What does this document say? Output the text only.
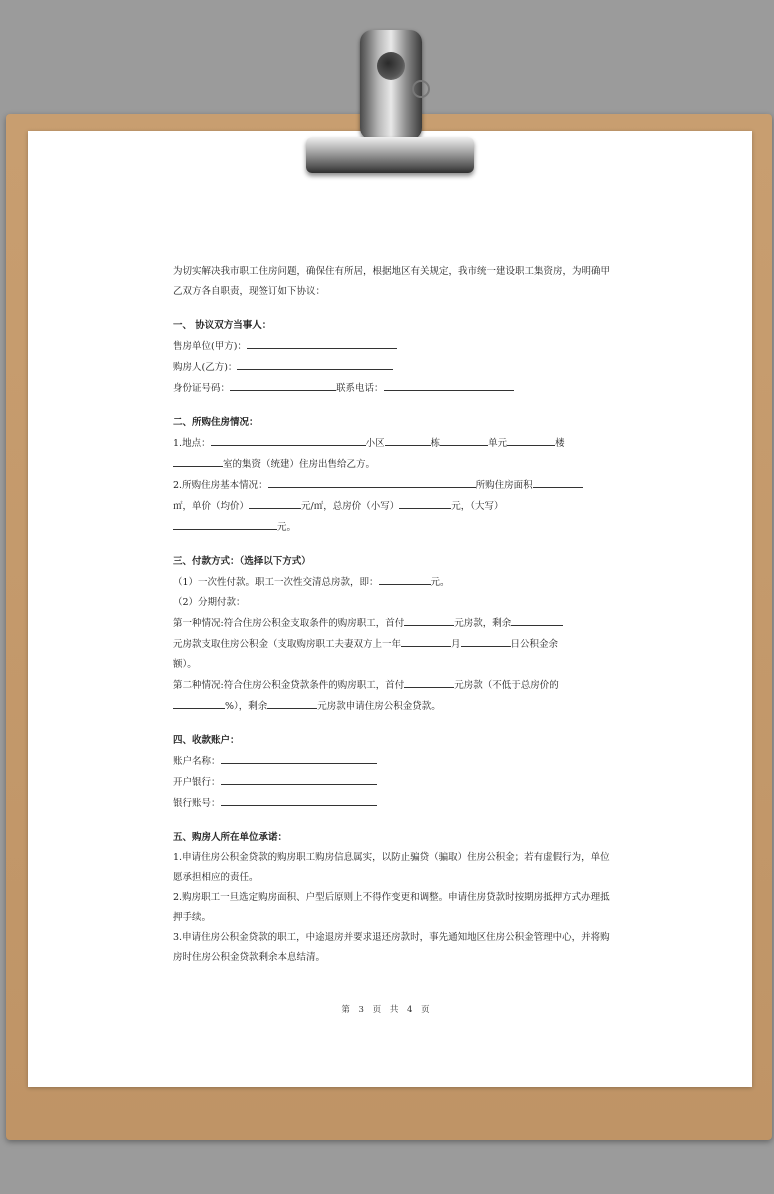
为切实解决我市职工住房问题，确保住有所居，根据地区有关规定，我市统一建设职工集资房，为明确甲乙双方各自职责，现签订如下协议：

一、 协议双方当事人：

售房单位(甲方)：

购房人(乙方)：

身份证号码：	联系电话：

二、所购住房情况：

1.地点：	小区	栋	单元	楼

室的集资（统建）住房出售给乙方。

2.所购住房基本情况：	所购住房面积

㎡，单价（均价）	元/㎡，总房价（小写）	元，（大写）

元。

三、付款方式：（选择以下方式）

（1）一次性付款。职工一次性交清总房款，即：	元。

（2）分期付款：

第一种情况:符合住房公积金支取条件的购房职工，首付	元房款，剩余

元房款支取住房公积金（支取购房职工夫妻双方上一年	月	日公积金余

额）。

第二种情况:符合住房公积金贷款条件的购房职工，首付	元房款（不低于总房价的

%），剩余	元房款申请住房公积金贷款。

四、收款账户：

账户名称：

开户银行：

银行账号：

五、购房人所在单位承诺：

1.申请住房公积金贷款的购房职工购房信息属实，以防止骗贷（骗取）住房公积金；若有虚假行为，单位愿承担相应的责任。

2.购房职工一旦选定购房面积、户型后原则上不得作变更和调整。申请住房贷款时按期房抵押方式办理抵押手续。

3.申请住房公积金贷款的职工，中途退房并要求退还房款时，事先通知地区住房公积金管理中心，并将购房时住房公积金贷款剩余本息结清。

第 3 页 共 4 页
